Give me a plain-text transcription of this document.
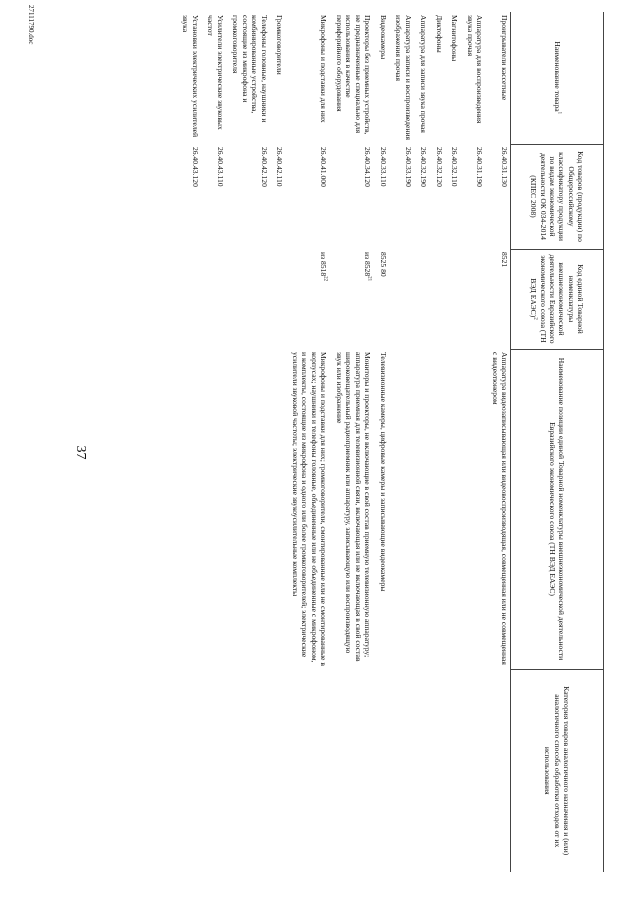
Наименование товара$^1$	Код товаров (продукции) по Общероссийскому классификатору продукции по видам экономической деятельности ОК 034-2014 (КПЕС 2008)	Код единой Товарной номенклатуры внешнеэкономической деятельности Евразийского экономического союза (ТН ВЭД ЕАЭС)$^2$	Наименование позиции единой Товарной номенклатуры внешнеэкономической деятельности Евразийского экономического союза (ТН ВЭД ЕАЭС)	Категория товаров аналогичного назначения и (или) аналогичного способа обработки отходов от их использования
Проигрыватели кассетные	26.40.31.130	8521	Аппаратура видеозаписывающая или видеовоспроизводящая, совмещенная или не совмещенная с видеотюнером	
Аппаратура для воспроизведения звука прочая	26.40.31.190			
Магнитофоны	26.40.32.110			
Диктофоны	26.40.32.120			
Аппаратура для записи звука прочая	26.40.32.190			
Аппаратура записи и воспроизведения изображения прочая	26.40.33.190			
Видеокамеры	26.40.33.110	8525 80	Телевизионные камеры, цифровые камеры и записывающие видеокамеры	
Проекторы без приемных устройств, не предназначенные специально для использования в качестве периферийного оборудования	26.40.34.120	из 8528$^{21}$	Мониторы и проекторы, не включающие в свой состав приемную телевизионную аппаратуру; аппаратура приемная для телевизионной связи, включающая или не включающая в свой состав широковещательный радиоприемник или аппаратуру, записывающую или воспроизводящую звук или изображение	
Микрофоны и подставки для них	26.40.41.000	из 8518$^{22}$	Микрофоны и подставки для них; громкоговорители, смонтированные или не смонтированные в корпусах; наушники и телефоны головные, объединенные или не объединенные с микрофоном, и комплекты, состоящие из микрофона и одного или более громкоговорителей; электрические усилители звуковой частоты; электрические звукоусилительные комплекты	
Громкоговорители	26.40.42.110			
Телефоны головные, наушники и комбинированные устройства, состоящие из микрофона и громкоговорителя	26.40.42.120			
Усилители электрические звуковых частот	26.40.43.110			
Установки электрических усилителей звука	26.40.43.120			
37
27111790.doc
